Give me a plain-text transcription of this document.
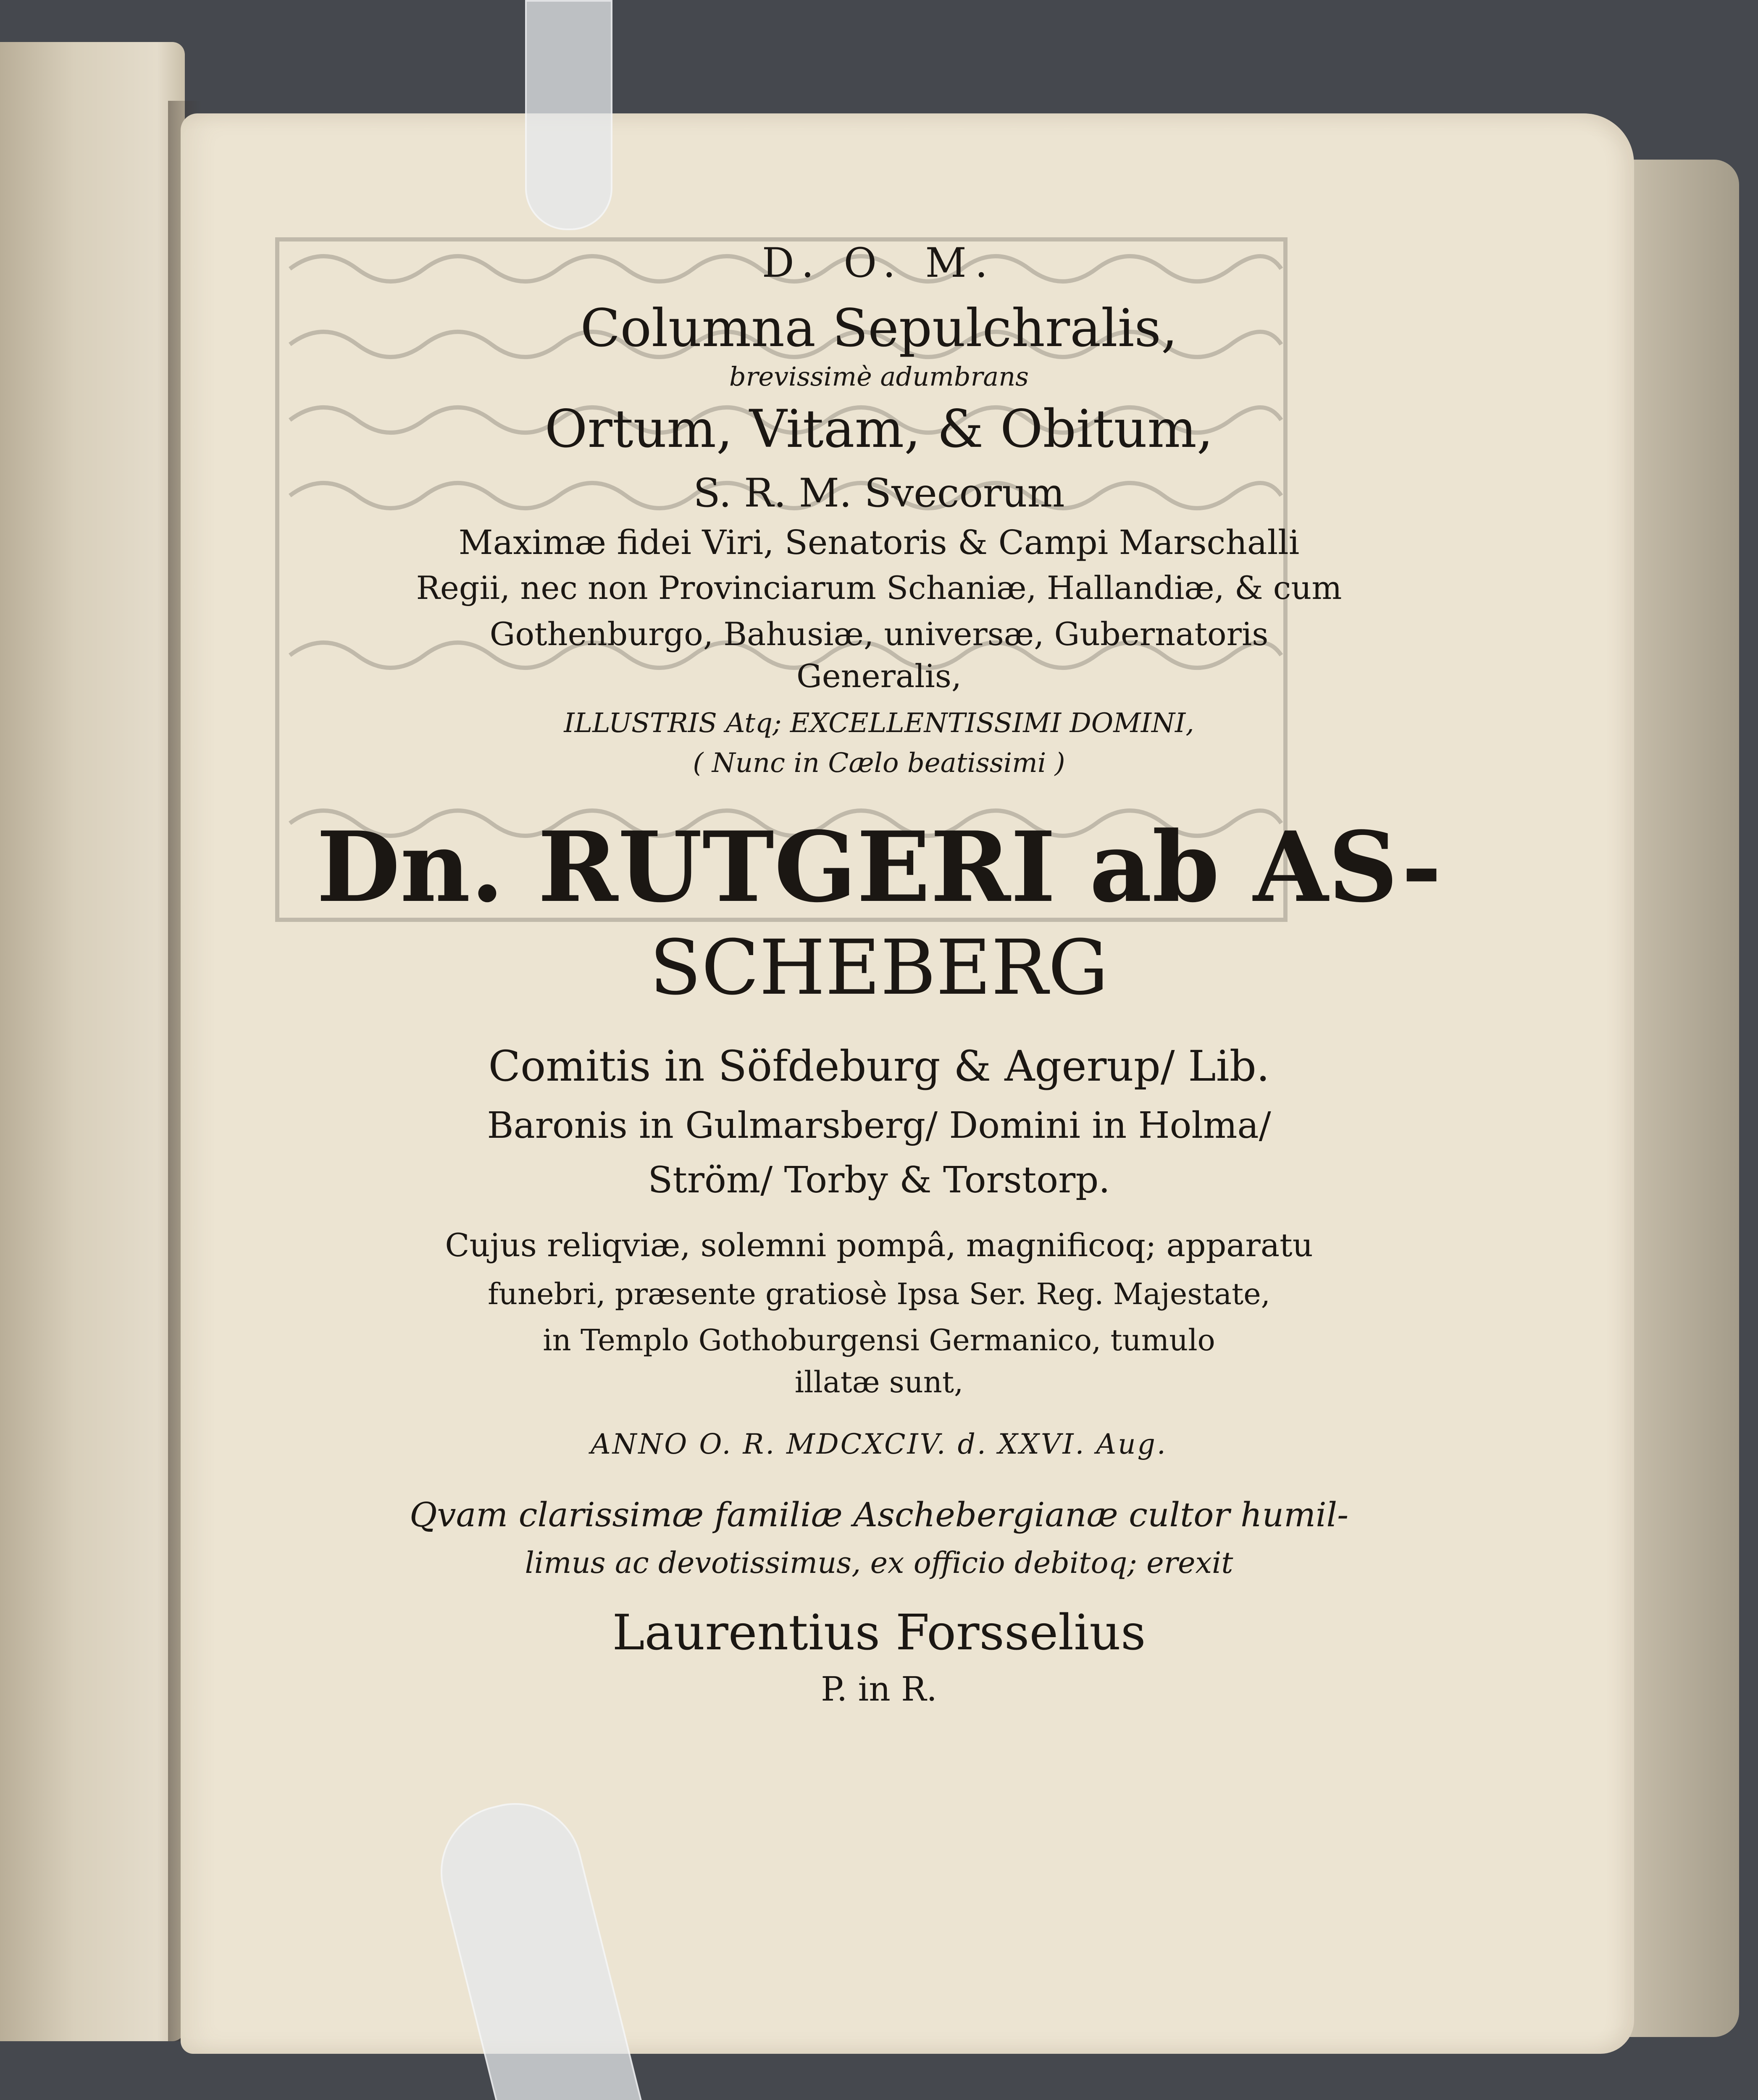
D. O. M.
Columna Sepulchralis,
brevissimè adumbrans
Ortum, Vitam, & Obitum,
S. R. M. Svecorum
Maximæ fidei Viri, Senatoris & Campi Marschalli
Regii, nec non Provinciarum Schaniæ, Hallandiæ, & cum
Gothenburgo, Bahusiæ, universæ, Gubernatoris
Generalis,
ILLUSTRIS Atq; EXCELLENTISSIMI DOMINI,
( Nunc in Cælo beatissimi )
Dn. RUTGERI ab AS-
SCHEBERG
Comitis in Söfdeburg & Agerup/ Lib.
Baronis in Gulmarsberg/ Domini in Holma/
Ström/ Torby & Torstorp.
Cujus reliqviæ, solemni pompâ, magnificoq; apparatu
funebri, præsente gratiosè Ipsa Ser. Reg. Majestate,
in Templo Gothoburgensi Germanico, tumulo
illatæ sunt,
ANNO O. R. MDCXCIV. d. XXVI. Aug.
Qvam clarissimæ familiæ Aschebergianæ cultor humil-
limus ac devotissimus, ex officio debitoq; erexit
Laurentius Forsselius
P. in R.
